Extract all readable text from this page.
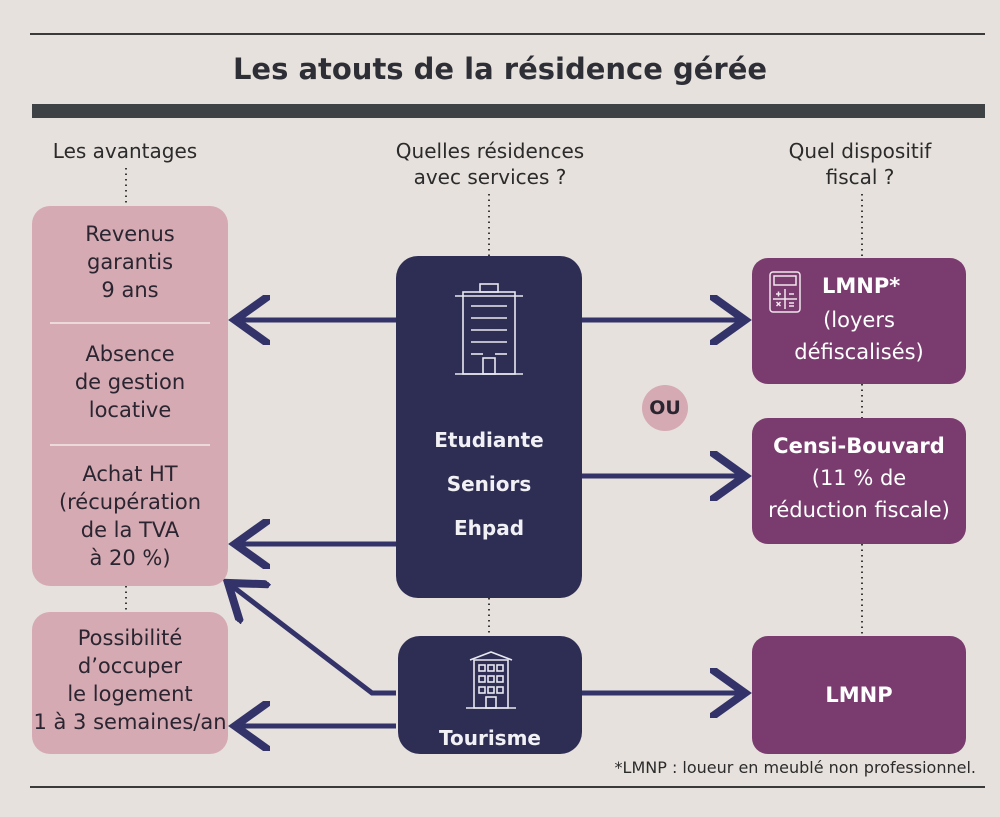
Les atouts de la résidence gérée
Les avantages	Quelles résidences
avec services ?
Quel dispositif
fiscal ?
Revenus
garantis
9 ans
Absence
de gestion
locative
Achat HT
(récupération
de la TVA
à 20 %)
Possibilité
d’occuper
le logement
1 à 3 semaines/an
Etudiante
Seniors
Ehpad
Tourisme
OU
LMNP*
(loyers
défiscalisés)
Censi-Bouvard
(11 % de
réduction fiscale)
LMNP
*LMNP : loueur en meublé non professionnel.
